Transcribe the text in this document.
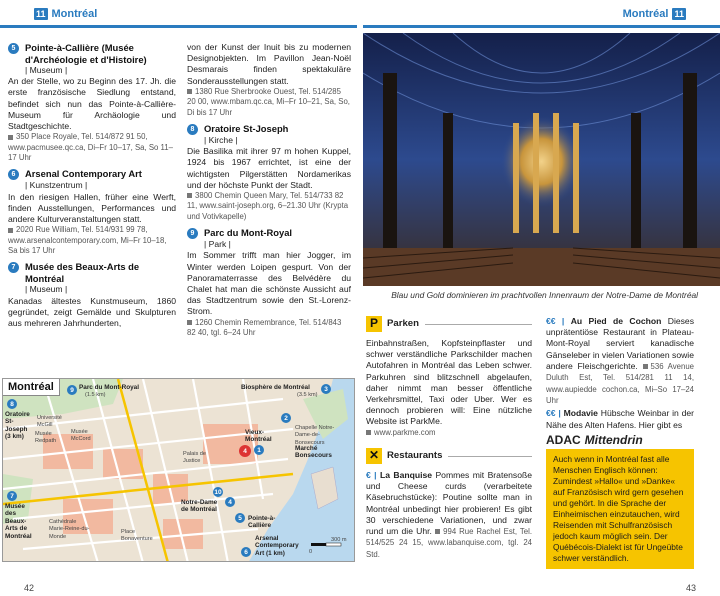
11 Montréal	Montréal 11
5	Pointe-à-Callière (Musée d'Archéologie et d'Histoire)
| Museum |
An der Stelle, wo zu Beginn des 17. Jh. die erste französische Siedlung entstand, befindet sich nun das Pointe-à-Callière-Museum für Archäologie und Stadtgeschichte.
350 Place Royale, Tel. 514/872 91 50, www.pacmusee.qc.ca, Di–Fr 10–17, Sa, So 11–17 Uhr
6	Arsenal Contemporary Art
| Kunstzentrum |
In den riesigen Hallen, früher eine Werft, finden Ausstellungen, Performances und andere Kulturveranstaltungen statt.
2020 Rue William, Tel. 514/931 99 78, www.arsenalcontemporary.com, Mi–Fr 10–18, Sa bis 17 Uhr
7	Musée des Beaux-Arts de Montréal
| Museum |
Kanadas ältestes Kunstmuseum, 1860 gegründet, zeigt Gemälde und Skulpturen aus mehreren Jahrhunderten,
von der Kunst der Inuit bis zu modernen Designobjekten. Im Pavillon Jean-Noël Desmarais finden spektakuläre Sonderausstellungen statt.
1380 Rue Sherbrooke Ouest, Tel. 514/285 20 00, www.mbam.qc.ca, Mi–Fr 10–21, Sa, So, Di bis 17 Uhr
8	Oratoire St-Joseph
| Kirche |
Die Basilika mit ihrer 97 m hohen Kuppel, 1924 bis 1967 errichtet, ist eine der wichtigsten Pilgerstätten Nordamerikas und der höchste Punkt der Stadt.
3800 Chemin Queen Mary, Tel. 514/733 82 11, www.saint-joseph.org, 6–21.30 Uhr (Krypta und Votivkapelle)
9	Parc du Mont-Royal
| Park |
Im Sommer trifft man hier Jogger, im Winter werden Loipen gespurt. Von der Panoramaterrasse des Belvédère du Chalet hat man die schönste Aussicht auf das Stadtzentrum sowie den St.-Lorenz-Strom.
1260 Chemin Remembrance, Tel. 514/843 82 40, tgl. 6–24 Uhr
Montréal	9 Parc du Mont-Royal
(1.5 km)
Biosphère de Montréal
(3.5 km)
3
8
Oratoire St-Joseph (3 km)
Université McGill
Musée Redpath
Musée McCord
7
Musée des Beaux-Arts de Montréal
Cathédrale Marie-Reine-du-Monde
Place Bonaventure
Palais de Justice
Vieux-Montréal
4	1
2
Chapelle Notre-Dame-de-Bonsecours
Marché Bonsecours
10
Notre-Dame de Montréal
4
5 Pointe-à-Callière
6
Arsenal Contemporary Art (1 km)	0
300 m
Blau und Gold dominieren im prachtvollen Innenraum der Notre-Dame de Montréal
P Parken
Einbahnstraßen, Kopfsteinpflaster und schwer verständliche Parkschilder machen Autofahren in Montréal das Leben schwer. Parkuhren sind blitzschnell abgelaufen, daher nimmt man besser öffentliche Verkehrsmittel, Taxi oder Uber. Wer es dennoch probieren will: Eine nützliche Website ist ParkMe.
www.parkme.com
✕ Restaurants
€ | La Banquise Pommes mit Bratensoße und Cheese curds (verarbeitete Käsebruchstücke): Poutine sollte man in Montréal unbedingt hier probieren! Es gibt 30 verschiedene Variationen, und zwar rund um die Uhr. 994 Rue Rachel Est, Tel. 514/525 24 15, www.labanquise.com, tgl. 24 Std.
€€ | Au Pied de Cochon Dieses unprätentiöse Restaurant in Plateau-Mont-Royal serviert kanadische Gänseleber in vielen Variationen sowie andere Fleischgerichte. 536 Avenue Duluth Est, Tel. 514/281 11 14, www.aupiedde cochon.ca, Mi–So 17–24 Uhr
€€ | Modavie Hübsche Weinbar in der Nähe des Alten Hafens. Hier gibt es
ADAC Mittendrin
Auch wenn in Montréal fast alle Menschen Englisch können: Zumindest »Hallo« und »Danke« auf Französisch wird gern gesehen und gehört. In die Sprache der Einheimischen einzutauchen, wird Reisenden mit Schulfranzösisch jedoch kaum möglich sein. Der Québécois-Dialekt ist für Ungeübte schwer verständlich.
42	43
